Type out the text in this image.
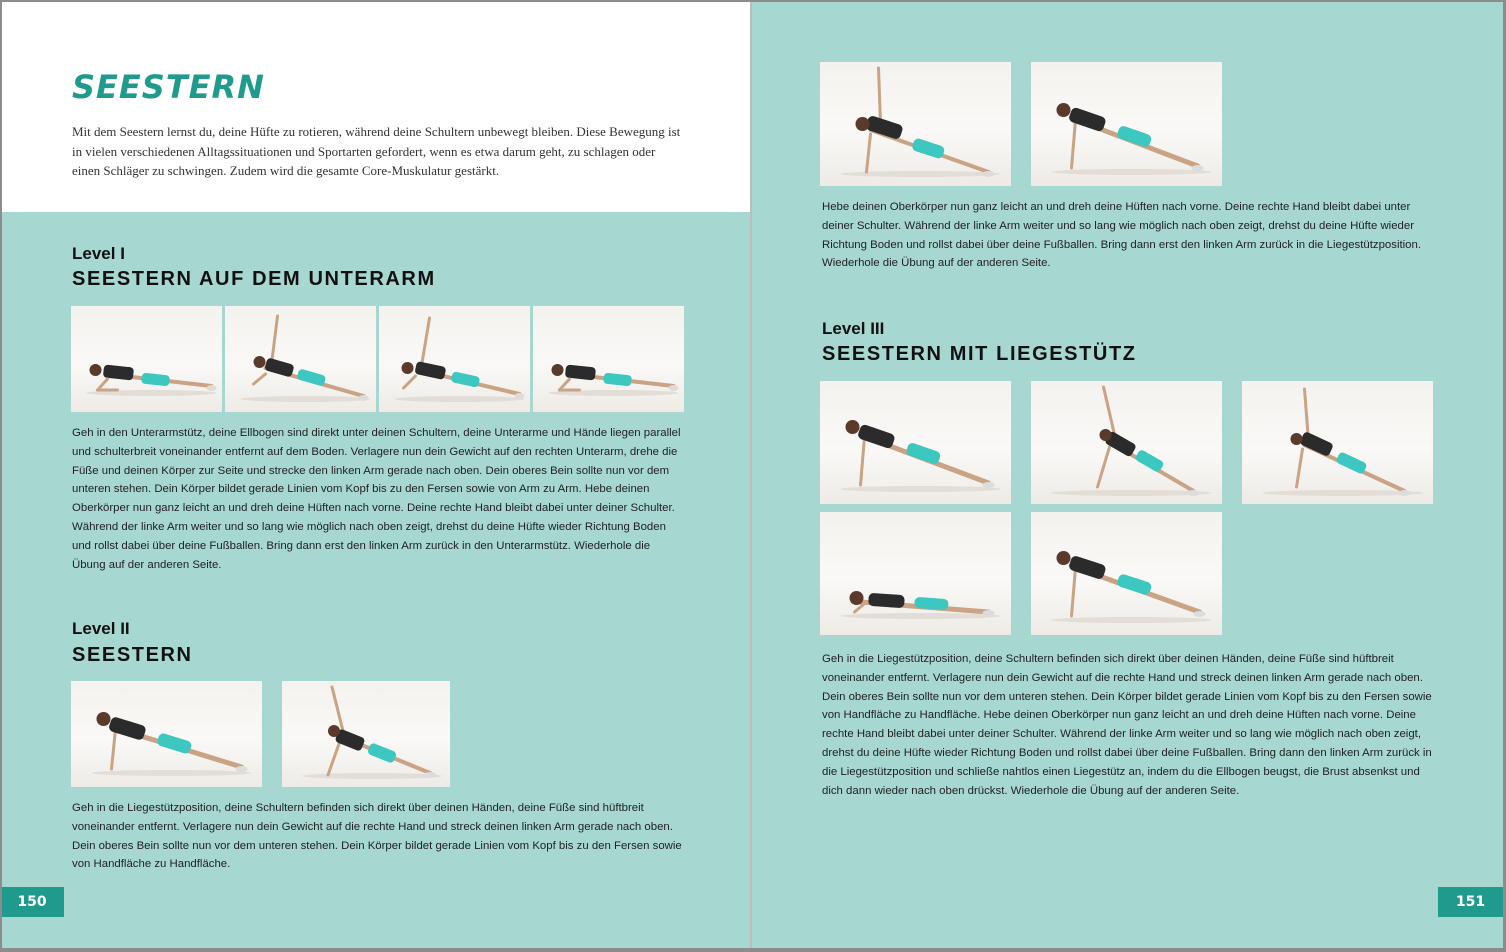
SEESTERN

Mit dem Seestern lernst du, deine Hüfte zu rotieren, während deine Schultern unbewegt bleiben. Diese Bewegung ist in vielen verschiedenen Alltagssituationen und Sportarten gefordert, wenn es etwa darum geht, zu schlagen oder einen Schläger zu schwingen. Zudem wird die gesamte Core-Muskulatur gestärkt.

Level I
SEESTERN AUF DEM UNTERARM

Geh in den Unterarmstütz, deine Ellbogen sind direkt unter deinen Schultern, deine Unterarme und Hände liegen parallel und schulterbreit voneinander entfernt auf dem Boden. Verlagere nun dein Gewicht auf den rechten Unterarm, drehe die Füße und deinen Körper zur Seite und strecke den linken Arm gerade nach oben. Dein oberes Bein sollte nun vor dem unteren stehen. Dein Körper bildet gerade Linien vom Kopf bis zu den Fersen sowie von Arm zu Arm. Hebe deinen Oberkörper nun ganz leicht an und dreh deine Hüften nach vorne. Deine rechte Hand bleibt dabei unter deiner Schulter. Während der linke Arm weiter und so lang wie möglich nach oben zeigt, drehst du deine Hüfte wieder Richtung Boden und rollst dabei über deine Fußballen. Bring dann erst den linken Arm zurück in den Unterarmstütz. Wiederhole die Übung auf der anderen Seite.

Level II
SEESTERN

Geh in die Liegestützposition, deine Schultern befinden sich direkt über deinen Händen, deine Füße sind hüftbreit voneinander entfernt. Verlagere nun dein Gewicht auf die rechte Hand und streck deinen linken Arm gerade nach oben. Dein oberes Bein sollte nun vor dem unteren stehen. Dein Körper bildet gerade Linien vom Kopf bis zu den Fersen sowie von Handfläche zu Handfläche.

150

Hebe deinen Oberkörper nun ganz leicht an und dreh deine Hüften nach vorne. Deine rechte Hand bleibt dabei unter deiner Schulter. Während der linke Arm weiter und so lang wie möglich nach oben zeigt, drehst du deine Hüfte wieder Richtung Boden und rollst dabei über deine Fußballen. Bring dann erst den linken Arm zurück in die Liegestützposition. Wiederhole die Übung auf der anderen Seite.

Level III
SEESTERN MIT LIEGESTÜTZ

Geh in die Liegestützposition, deine Schultern befinden sich direkt über deinen Händen, deine Füße sind hüftbreit voneinander entfernt. Verlagere nun dein Gewicht auf die rechte Hand und streck deinen linken Arm gerade nach oben. Dein oberes Bein sollte nun vor dem unteren stehen. Dein Körper bildet gerade Linien vom Kopf bis zu den Fersen sowie von Handfläche zu Handfläche. Hebe deinen Oberkörper nun ganz leicht an und dreh deine Hüften nach vorne. Deine rechte Hand bleibt dabei unter deiner Schulter. Während der linke Arm weiter und so lang wie möglich nach oben zeigt, drehst du deine Hüfte wieder Richtung Boden und rollst dabei über deine Fußballen. Bring dann den linken Arm zurück in die Liegestützposition und schließe nahtlos einen Liegestütz an, indem du die Ellbogen beugst, die Brust absenkst und dich dann wieder nach oben drückst. Wiederhole die Übung auf der anderen Seite.

151
